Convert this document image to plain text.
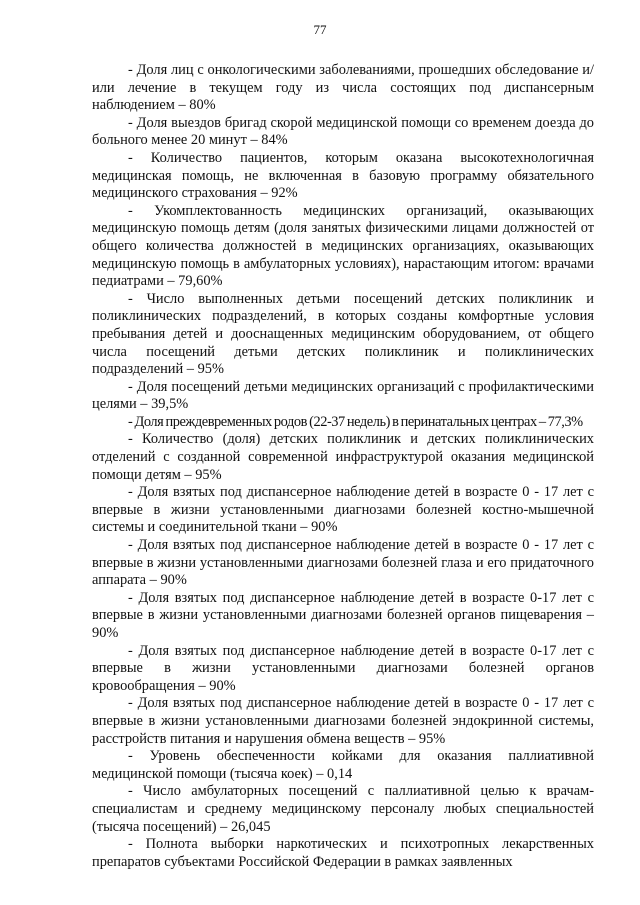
77

- Доля лиц с онкологическими заболеваниями, прошедших обследование и/или лечение в текущем году из числа состоящих под диспансерным наблюдением – 80%

- Доля выездов бригад скорой медицинской помощи со временем доезда до больного менее 20 минут – 84%

- Количество пациентов, которым оказана высокотехнологичная медицинская помощь, не включенная в базовую программу обязательного медицинского страхования – 92%

- Укомплектованность медицинских организаций, оказывающих медицинскую помощь детям (доля занятых физическими лицами должностей от общего количества должностей в медицинских организациях, оказывающих медицинскую помощь в амбулаторных условиях), нарастающим итогом: врачами педиатрами – 79,60%

- Число выполненных детьми посещений детских поликлиник и поликлинических подразделений, в которых созданы комфортные условия пребывания детей и дооснащенных медицинским оборудованием, от общего числа посещений детьми детских поликлиник и поликлинических подразделений – 95%

- Доля посещений детьми медицинских организаций с профилактическими целями – 39,5%

- Доля преждевременных родов (22-37 недель) в перинатальных центрах – 77,3%

- Количество (доля) детских поликлиник и детских поликлинических отделений с созданной современной инфраструктурой оказания медицинской помощи детям – 95%

- Доля взятых под диспансерное наблюдение детей в возрасте 0 - 17 лет с впервые в жизни установленными диагнозами болезней костно-мышечной системы и соединительной ткани – 90%

- Доля взятых под диспансерное наблюдение детей в возрасте 0 - 17 лет с впервые в жизни установленными диагнозами болезней глаза и его придаточного аппарата – 90%

- Доля взятых под диспансерное наблюдение детей в возрасте 0-17 лет с впервые в жизни установленными диагнозами болезней органов пищеварения – 90%

- Доля взятых под диспансерное наблюдение детей в возрасте 0-17 лет с впервые в жизни установленными диагнозами болезней органов кровообращения – 90%

- Доля взятых под диспансерное наблюдение детей в возрасте 0 - 17 лет с впервые в жизни установленными диагнозами болезней эндокринной системы, расстройств питания и нарушения обмена веществ – 95%

- Уровень обеспеченности койками для оказания паллиативной медицинской помощи (тысяча коек) – 0,14

- Число амбулаторных посещений с паллиативной целью к врачам-специалистам и среднему медицинскому персоналу любых специальностей (тысяча посещений) – 26,045

- Полнота выборки наркотических и психотропных лекарственных препаратов субъектами Российской Федерации в рамках заявленных
